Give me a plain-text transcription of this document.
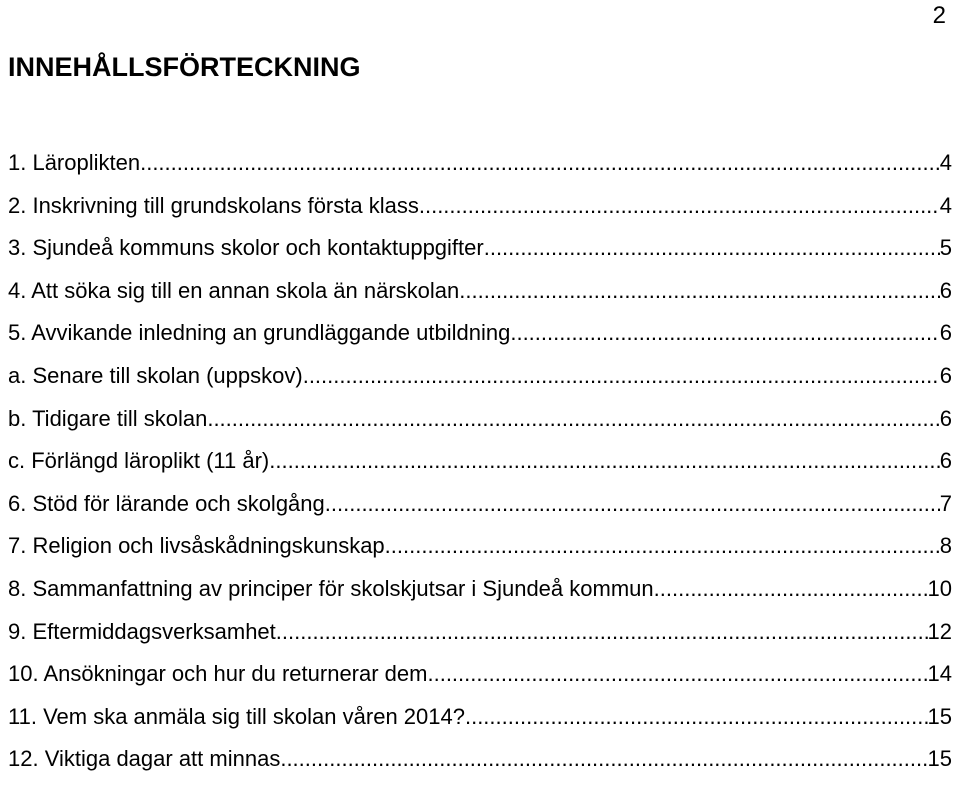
2
INNEHÅLLSFÖRTECKNING
1. Läroplikten .....	4
2. Inskrivning till grundskolans första klass .....	4
3. Sjundeå kommuns skolor och kontaktuppgifter .....	5
4. Att söka sig till en annan skola än närskolan .....	6
5. Avvikande inledning an grundläggande utbildning .....	6
a. Senare till skolan (uppskov) .....	6
b. Tidigare till skolan .....	6
c. Förlängd läroplikt (11 år) .....	6
6. Stöd för lärande och skolgång .....	7
7. Religion och livsåskådningskunskap .....	8
8. Sammanfattning av principer för skolskjutsar i Sjundeå kommun .....	10
9. Eftermiddagsverksamhet .....	12
10. Ansökningar och hur du returnerar dem .....	14
11. Vem ska anmäla sig till skolan våren 2014? .....	15
12. Viktiga dagar att minnas .....	15
